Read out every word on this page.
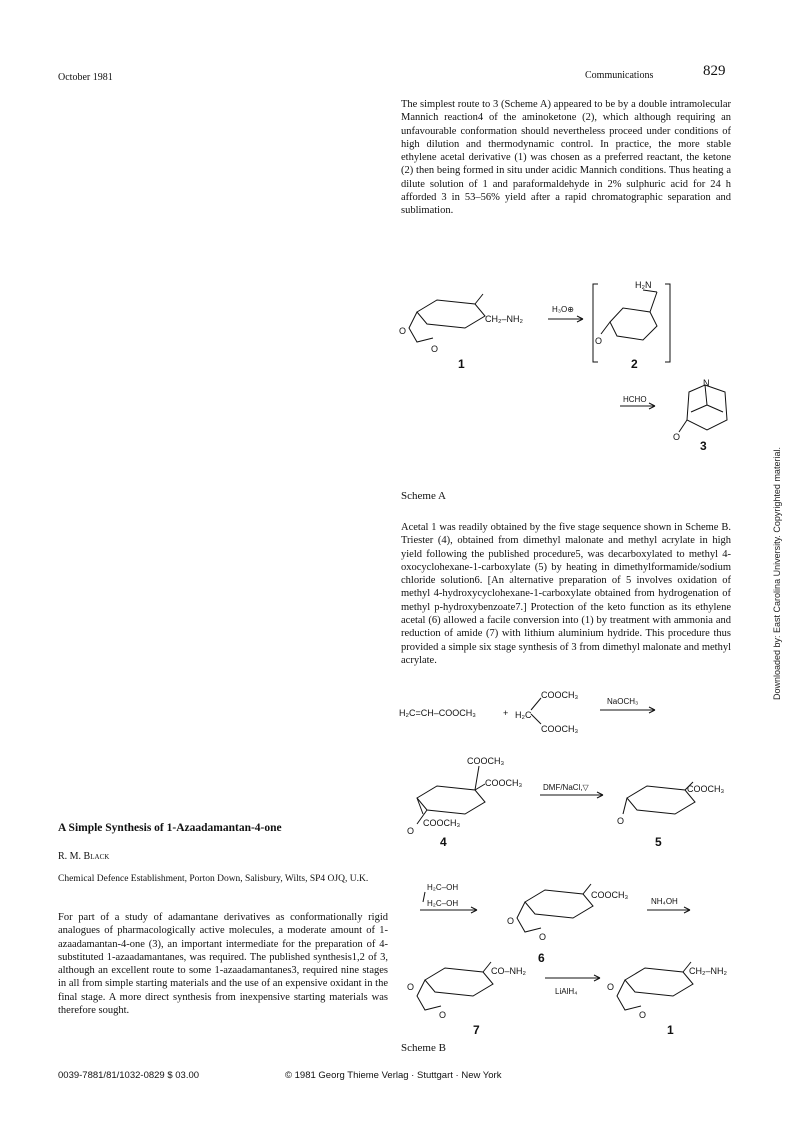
October 1981	Communications	829

The simplest route to 3 (Scheme A) appeared to be by a double intramolecular Mannich reaction4 of the aminoketone (2), which although requiring an unfavourable conformation should nevertheless proceed under conditions of high dilution and thermodynamic control. In practice, the more stable ethylene acetal derivative (1) was chosen as a preferred reactant, the ketone (2) then being formed in situ under acidic Mannich conditions. Thus heating a dilute solution of 1 and paraformaldehyde in 2% sulphuric acid for 24 h afforded 3 in 53–56% yield after a rapid chromatographic separation and sublimation.

CH₂–NH₂
O
O
H₃O⊕
H₂N
O
1	2
HCHO
N
O
3
Scheme A

Acetal 1 was readily obtained by the five stage sequence shown in Scheme B. Triester (4), obtained from dimethyl malonate and methyl acrylate in high yield following the published procedure5, was decarboxylated to methyl 4-oxocyclohexane-1-carboxylate (5) by heating in dimethylformamide/sodium chloride solution6. [An alternative preparation of 5 involves oxidation of methyl 4-hydroxycyclohexane-1-carboxylate obtained from hydrogenation of methyl p-hydroxybenzoate7.] Protection of the keto function as its ethylene acetal (6) allowed a facile conversion into (1) by treatment with ammonia and reduction of amide (7) with lithium aluminium hydride. This procedure thus provided a simple six stage synthesis of 3 from dimethyl malonate and methyl acrylate.

H₂C=CH–COOCH₃	+ H₂C
COOCH₃
COOCH₃
NaOCH₃
COOCH₃
COOCH₃
COOCH₃
O
4
DMF/NaCl,▽	COOCH₃
O
5
H₂C–OH
H₂C–OH
COOCH₃
O
O
6
NH₄OH
CO–NH₂
O
O
7
LiAlH₄
CH₂–NH₂
O
O
1
Scheme B
A Simple Synthesis of 1-Azaadamantan-4-one
R. M. Black
Chemical Defence Establishment, Porton Down, Salisbury, Wilts, SP4 OJQ, U.K.

For part of a study of adamantane derivatives as conformationally rigid analogues of pharmacologically active molecules, a moderate amount of 1-azaadamantan-4-one (3), an important intermediate for the preparation of 4-substituted 1-azaadamantanes, was required. The published synthesis1,2 of 3, although an excellent route to some 1-azaadamantanes3, required nine stages in all from simple starting materials and the use of an expensive oxidant in the final stage. A more direct synthesis from inexpensive starting materials was therefore sought.

0039-7881/81/1032-0829 $ 03.00	© 1981 Georg Thieme Verlag · Stuttgart · New York
Downloaded by: East Carolina University. Copyrighted material.
